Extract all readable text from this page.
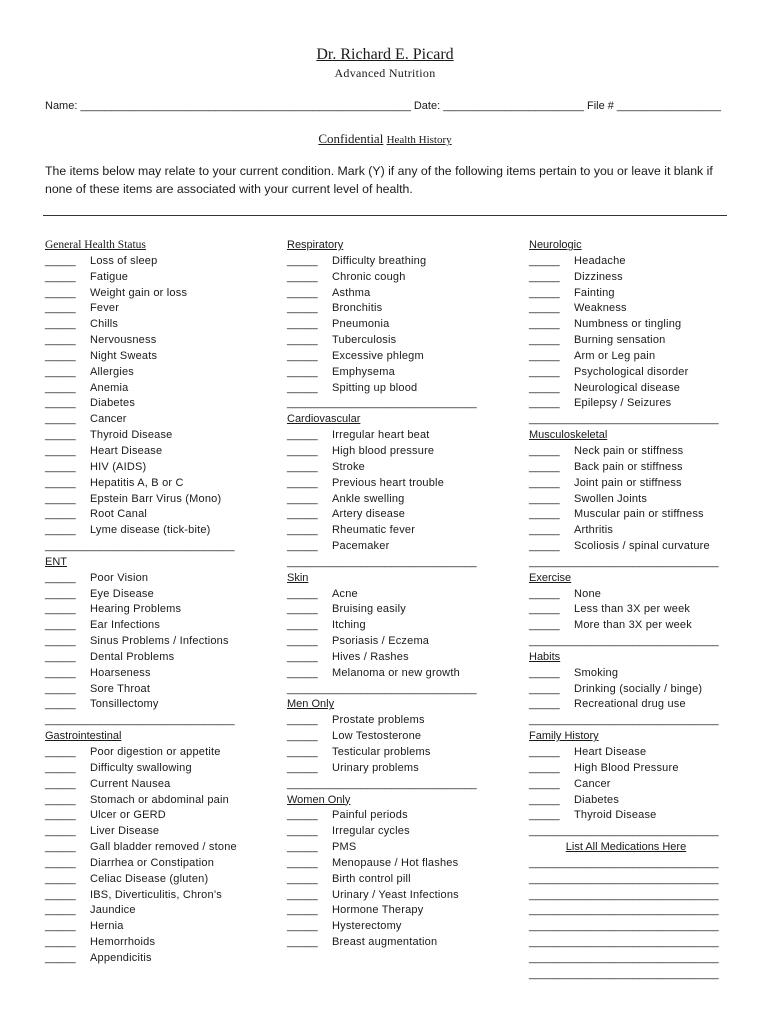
Dr. Richard E. Picard
Advanced Nutrition
Name: ______________________________________________________ Date: _______________________ File # _________________
Confidential Health History
The items below may relate to your current condition. Mark (Y) if any of the following items pertain to you or leave it blank if none of these items are associated with your current level of health.
General Health Status
_____ Loss of sleep
_____ Fatigue
_____ Weight gain or loss
_____ Fever
_____ Chills
_____ Nervousness
_____ Night Sweats
_____ Allergies
_____ Anemia
_____ Diabetes
_____ Cancer
_____ Thyroid Disease
_____ Heart Disease
_____ HIV (AIDS)
_____ Hepatitis A, B or C
_____ Epstein Barr Virus (Mono)
_____ Root Canal
_____ Lyme disease (tick-bite)
_______________________________
ENT
_____ Poor Vision
_____ Eye Disease
_____ Hearing Problems
_____ Ear Infections
_____ Sinus Problems / Infections
_____ Dental Problems
_____ Hoarseness
_____ Sore Throat
_____ Tonsillectomy
_______________________________
Gastrointestinal
_____ Poor digestion or appetite
_____ Difficulty swallowing
_____ Current Nausea
_____ Stomach or abdominal pain
_____ Ulcer or GERD
_____ Liver Disease
_____ Gall bladder removed / stone
_____ Diarrhea or Constipation
_____ Celiac Disease (gluten)
_____ IBS, Diverticulitis, Chron’s
_____ Jaundice
_____ Hernia
_____ Hemorrhoids
_____ Appendicitis
Respiratory
_____ Difficulty breathing
_____ Chronic cough
_____ Asthma
_____ Bronchitis
_____ Pneumonia
_____ Tuberculosis
_____ Excessive phlegm
_____ Emphysema
_____ Spitting up blood
_______________________________
Cardiovascular
_____ Irregular heart beat
_____ High blood pressure
_____ Stroke
_____ Previous heart trouble
_____ Ankle swelling
_____ Artery disease
_____ Rheumatic fever
_____ Pacemaker
_______________________________
Skin
_____ Acne
_____ Bruising easily
_____ Itching
_____ Psoriasis / Eczema
_____ Hives / Rashes
_____ Melanoma or new growth
_______________________________
Men Only
_____ Prostate problems
_____ Low Testosterone
_____ Testicular problems
_____ Urinary problems
_______________________________
Women Only
_____ Painful periods
_____ Irregular cycles
_____ PMS
_____ Menopause / Hot flashes
_____ Birth control pill
_____ Urinary / Yeast Infections
_____ Hormone Therapy
_____ Hysterectomy
_____ Breast augmentation
Neurologic
_____ Headache
_____ Dizziness
_____ Fainting
_____ Weakness
_____ Numbness or tingling
_____ Burning sensation
_____ Arm or Leg pain
_____ Psychological disorder
_____ Neurological disease
_____ Epilepsy / Seizures
_______________________________
Musculoskeletal
_____ Neck pain or stiffness
_____ Back pain or stiffness
_____ Joint pain or stiffness
_____ Swollen Joints
_____ Muscular pain or stiffness
_____ Arthritis
_____ Scoliosis / spinal curvature
_______________________________
Exercise
_____ None
_____ Less than 3X per week
_____ More than 3X per week
_______________________________
Habits
_____ Smoking
_____ Drinking (socially / binge)
_____ Recreational drug use
_______________________________
Family History
_____ Heart Disease
_____ High Blood Pressure
_____ Cancer
_____ Diabetes
_____ Thyroid Disease
_______________________________
List All Medications Here
_______________________________
_______________________________
_______________________________
_______________________________
_______________________________
_______________________________
_______________________________
_______________________________
